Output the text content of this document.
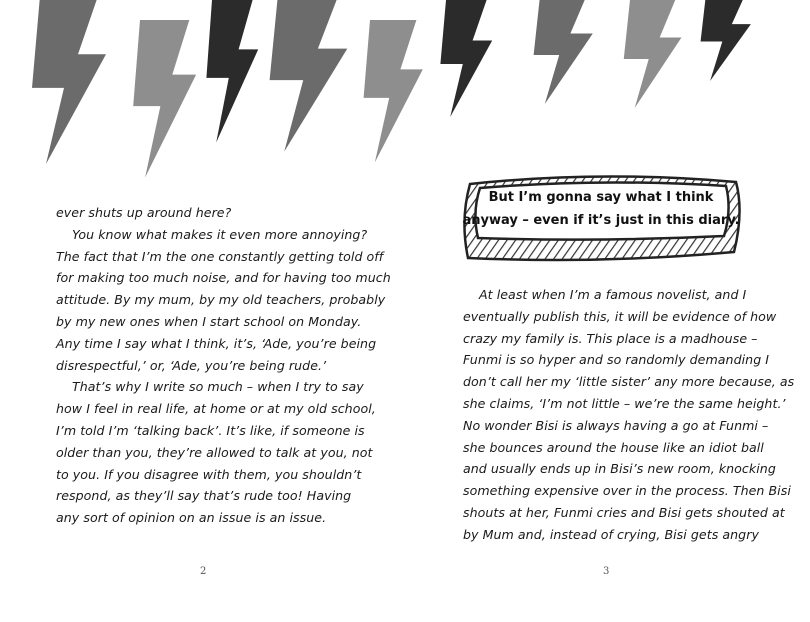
ever shuts up around here?
You know what makes it even more annoying?
The fact that I’m the one constantly getting told off
for making too much noise, and for having too much
attitude. By my mum, by my old teachers, probably
by my new ones when I start school on Monday.
Any time I say what I think, it’s, ‘Ade, you’re being
disrespectful,’ or, ‘Ade, you’re being rude.’
That’s why I write so much – when I try to say
how I feel in real life, at home or at my old school,
I’m told I’m ‘talking back’. It’s like, if someone is
older than you, they’re allowed to talk at you, not
to you. If you disagree with them, you shouldn’t
respond, as they’ll say that’s rude too! Having
any sort of opinion on an issue is an issue.
2
At least when I’m a famous novelist, and I
eventually publish this, it will be evidence of how
crazy my family is. This place is a madhouse –
Funmi is so hyper and so randomly demanding I
don’t call her my ‘little sister’ any more because, as
she claims, ‘I’m not little – we’re the same height.’
No wonder Bisi is always having a go at Funmi –
she bounces around the house like an idiot ball
and usually ends up in Bisi’s new room, knocking
something expensive over in the process. Then Bisi
shouts at her, Funmi cries and Bisi gets shouted at
by Mum and, instead of crying, Bisi gets angry
3
But I’m gonna say what I think
anyway – even if it’s just in this diary.
